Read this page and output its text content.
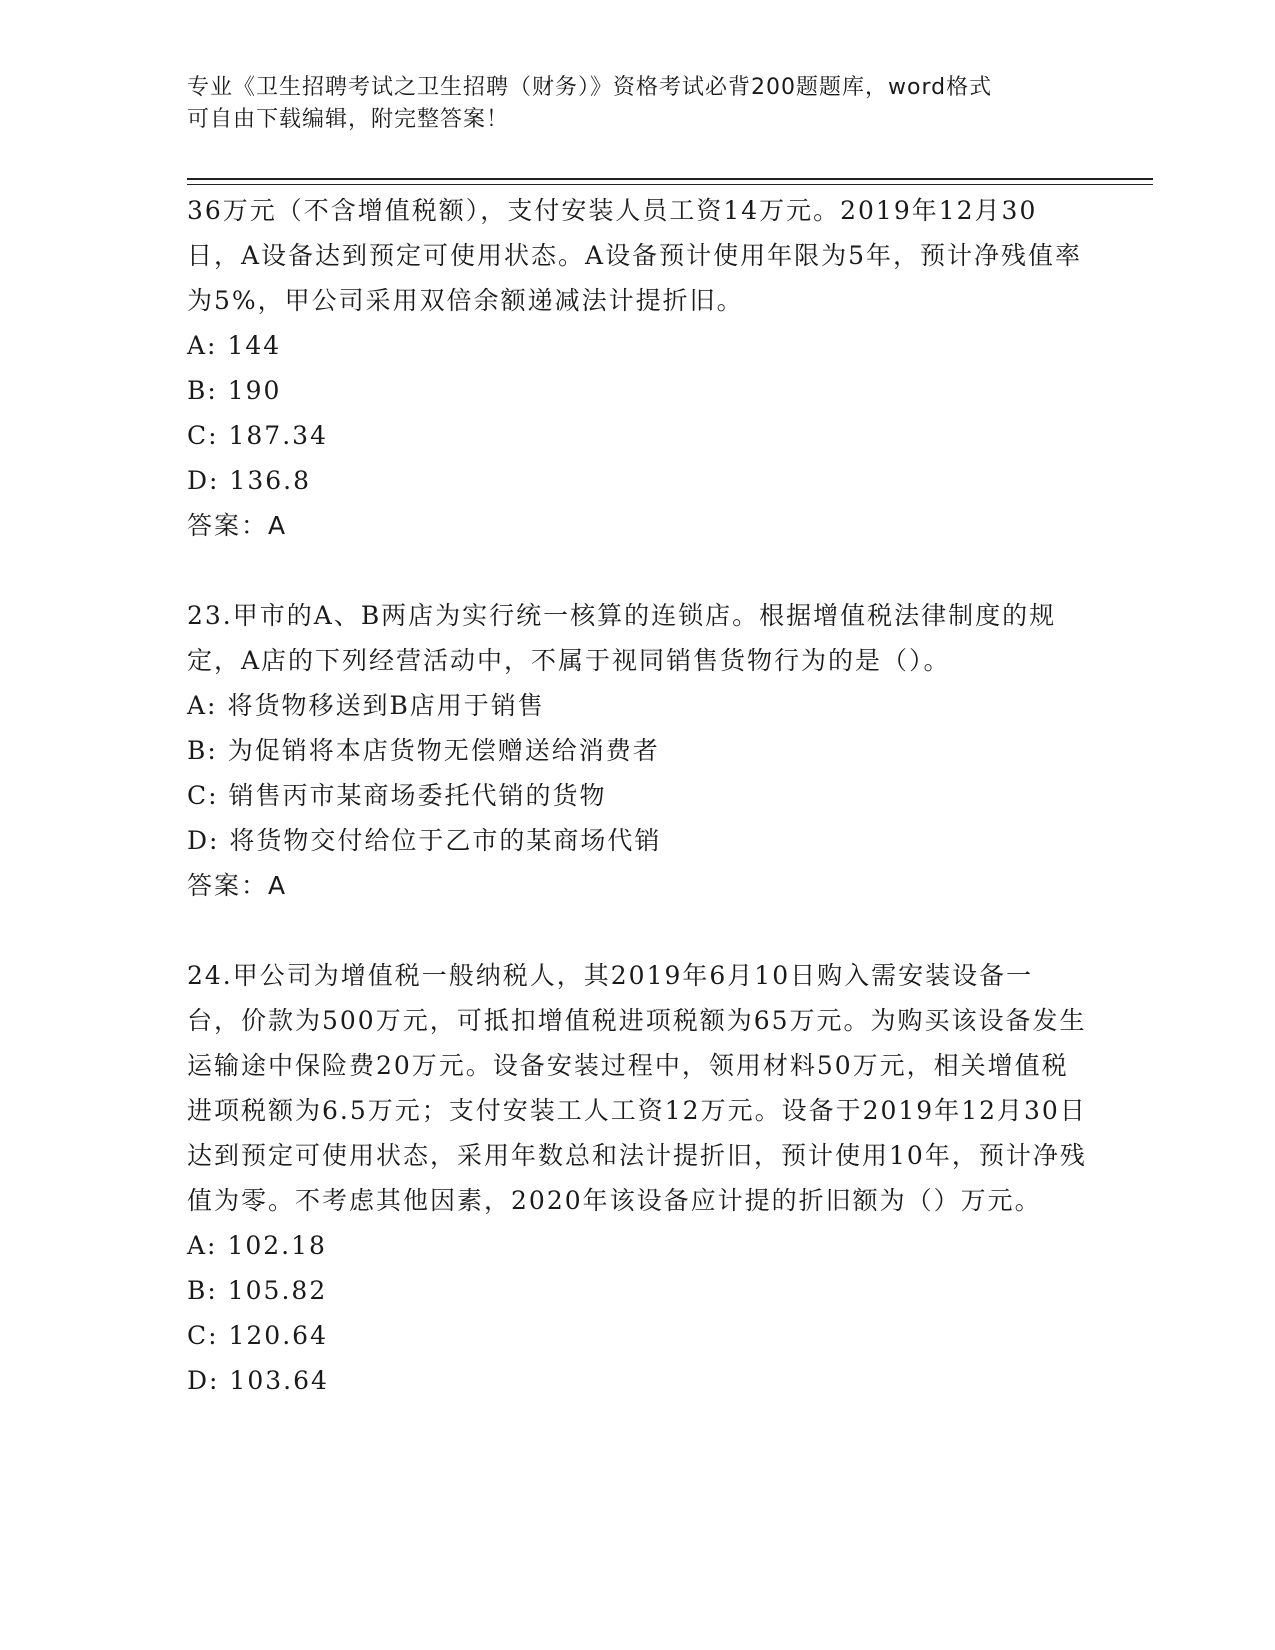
专业《卫生招聘考试之卫生招聘（财务）》资格考试必背200题题库，word格式
可自由下载编辑，附完整答案！

36万元（不含增值税额），支付安装人员工资14万元。2019年12月30日，A设备达到预定可使用状态。A设备预计使用年限为5年，预计净残值率为5%，甲公司采用双倍余额递减法计提折旧。

A: 144

B: 190

C: 187.34

D: 136.8

答案：A

23.甲市的A、B两店为实行统一核算的连锁店。根据增值税法律制度的规定，A店的下列经营活动中，不属于视同销售货物行为的是（）。

A: 将货物移送到B店用于销售

B: 为促销将本店货物无偿赠送给消费者

C: 销售丙市某商场委托代销的货物

D: 将货物交付给位于乙市的某商场代销

答案：A

24.甲公司为增值税一般纳税人，其2019年6月10日购入需安装设备一台，价款为500万元，可抵扣增值税进项税额为65万元。为购买该设备发生运输途中保险费20万元。设备安装过程中，领用材料50万元，相关增值税进项税额为6.5万元；支付安装工人工资12万元。设备于2019年12月30日达到预定可使用状态，采用年数总和法计提折旧，预计使用10年，预计净残值为零。不考虑其他因素，2020年该设备应计提的折旧额为（）万元。

A: 102.18

B: 105.82

C: 120.64

D: 103.64
